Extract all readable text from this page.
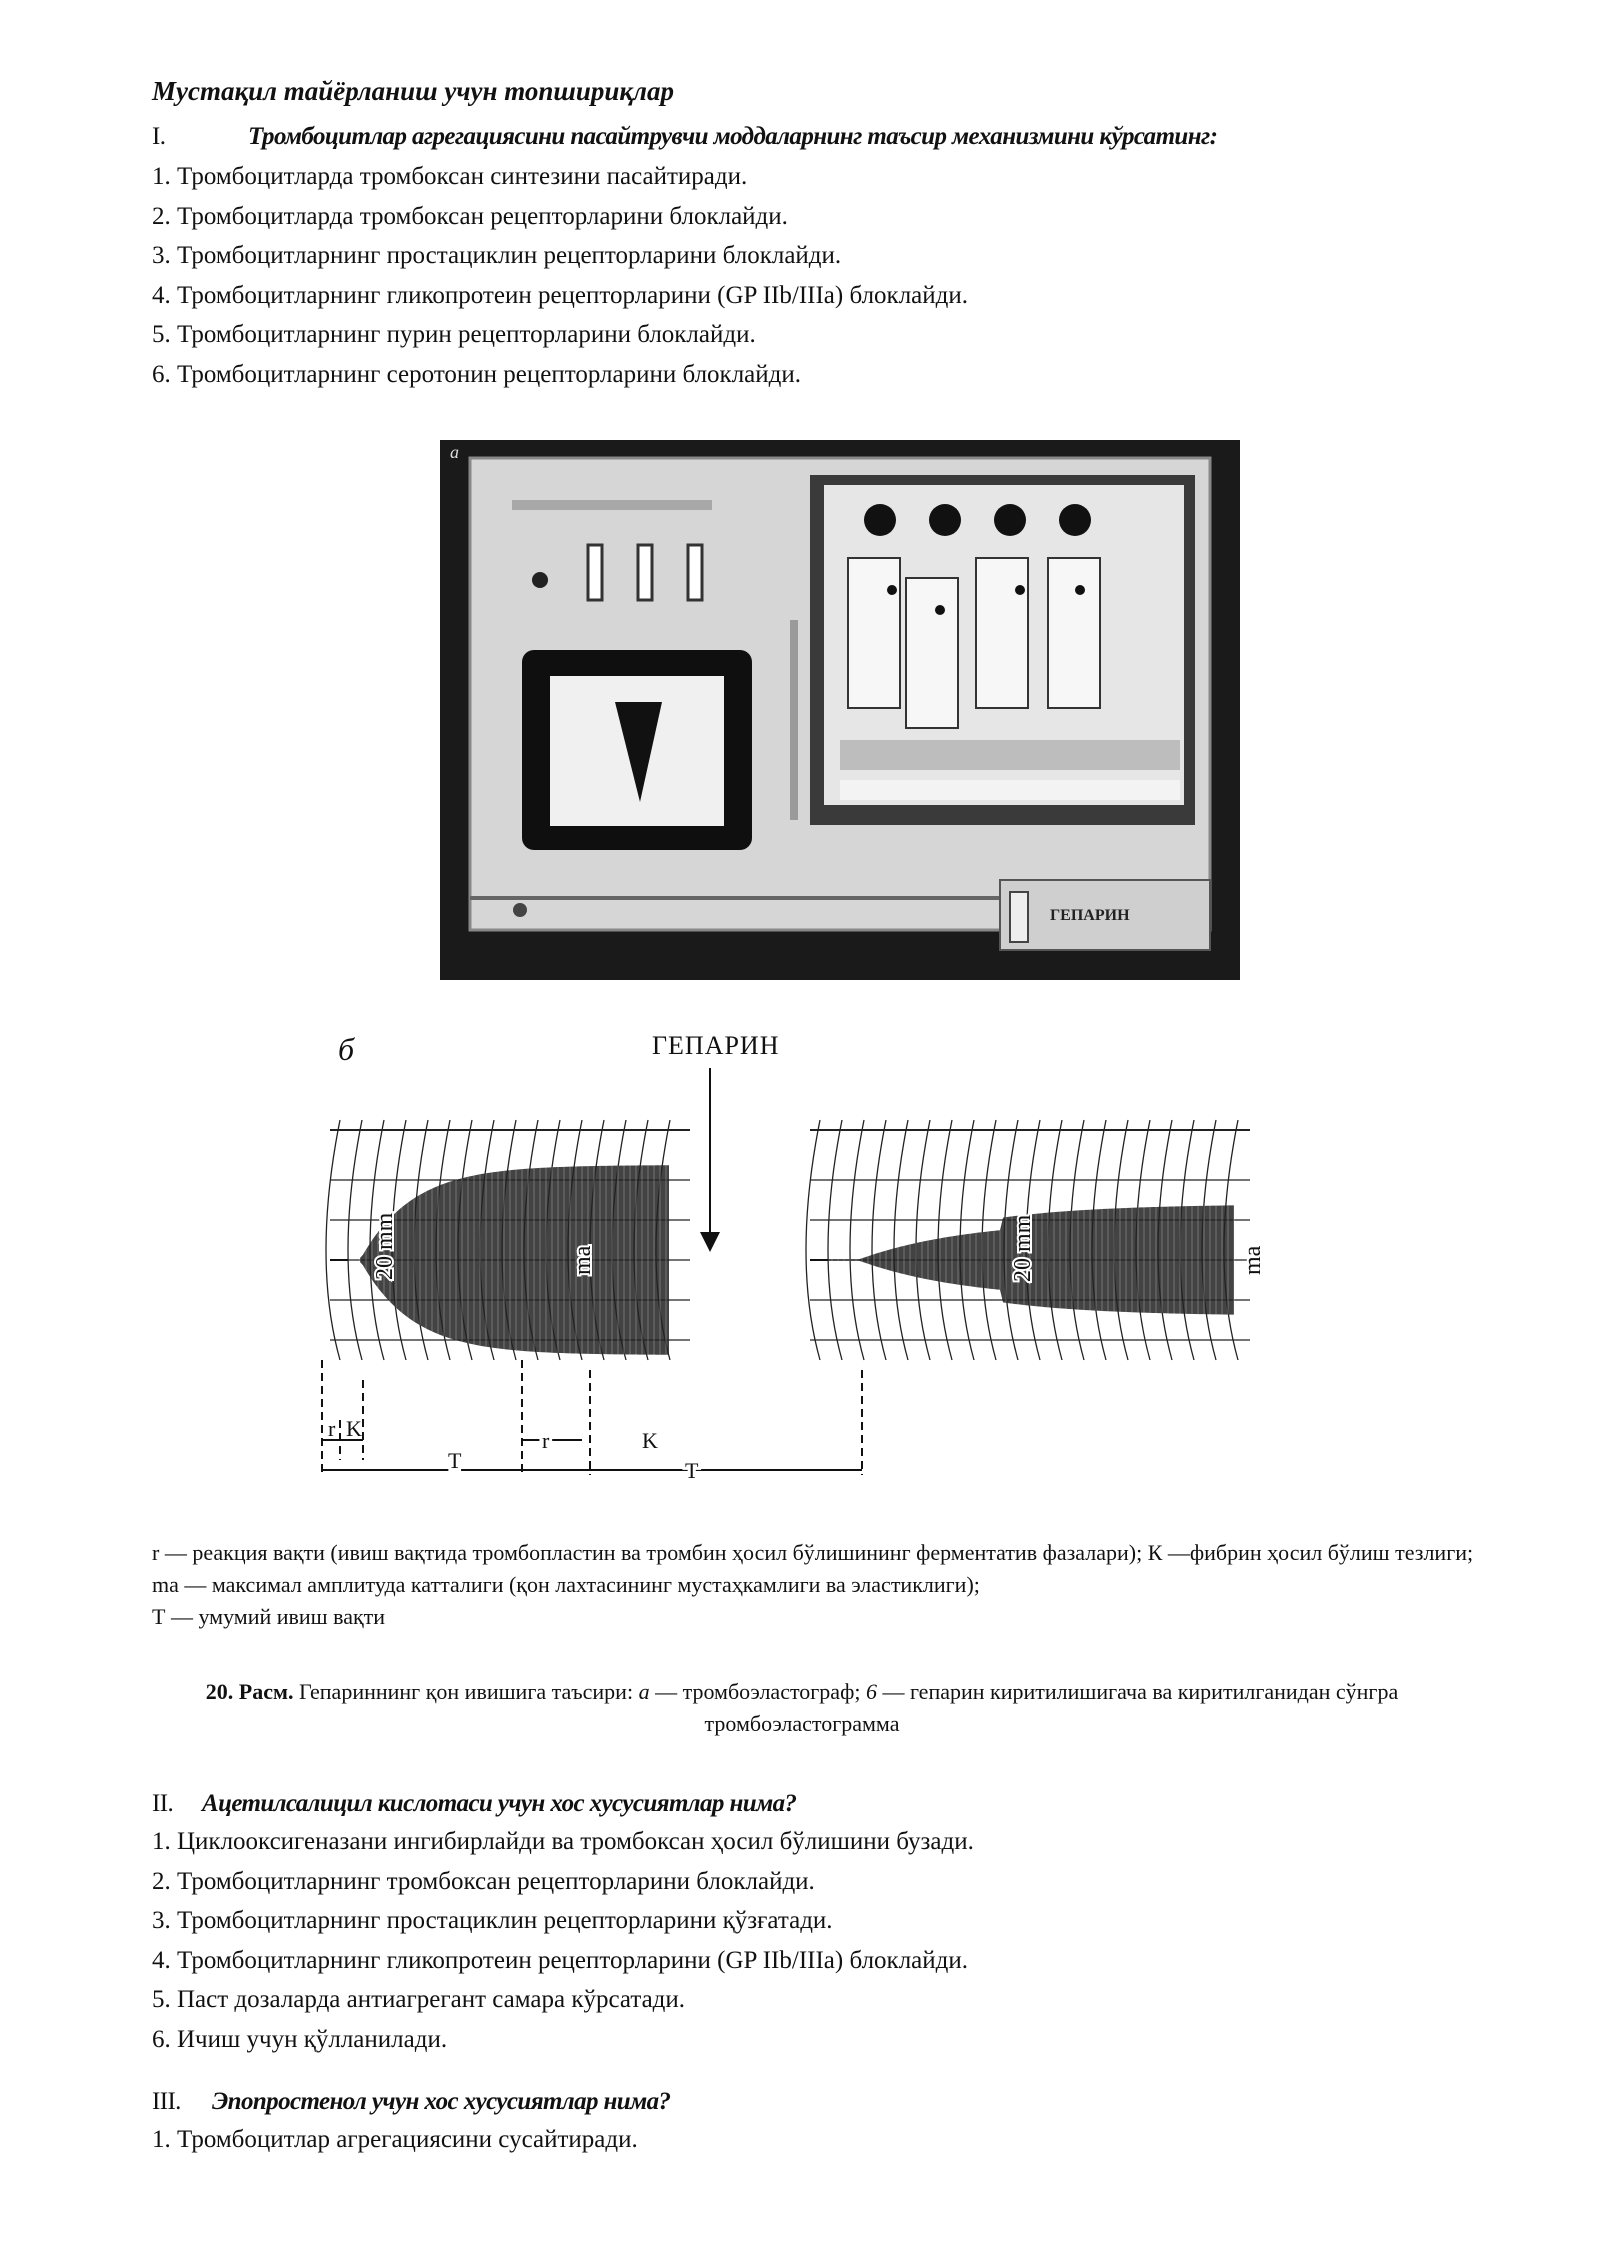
Мустақил тайёрланиш учун топшириқлар
I.	Тромбоцитлар агрегациясини пасайтрувчи моддаларнинг таъсир механизмини кўрсатинг:
1. Тромбоцитларда тромбоксан синтезини пасайтиради.
2. Тромбоцитларда тромбоксан рецепторларини блоклайди.
3. Тромбоцитларнинг простациклин рецепторларини блоклайди.
4. Тромбоцитларнинг гликопротеин рецепторларини (GP IIb/IIIa) блоклайди.
5. Тромбоцитларнинг пурин рецепторларини блоклайди.
6. Тромбоцитларнинг серотонин рецепторларини блоклайди.
а
ГЕПАРИН
б	ГЕПАРИН
20 mm	ma	20 mm	ma
r K
T
r	K
T

r — реакция вақти (ивиш вақтида тромбопластин ва тромбин ҳосил бўлишининг ферментатив фазалари); К —фибрин ҳосил бўлиш тезлиги;

ma — максимал амплитуда катталиги (қон лахтасининг мустаҳкамлиги ва эластиклиги);

Т — умумий ивиш вақти

20. Расм. Гепариннинг қон ивишига таъсири: а — тромбоэластограф; 6 — гепарин киритилишигача ва киритилганидан сўнгра тромбоэластограмма
II. Ацетилсалицил кислотаси учун хос хусусиятлар нима?
1. Циклооксигеназани ингибирлайди ва тромбоксан ҳосил бўлишини бузади.
2. Тромбоцитларнинг тромбоксан рецепторларини блоклайди.
3. Тромбоцитларнинг простациклин рецепторларини қўзғатади.
4. Тромбоцитларнинг гликопротеин рецепторларини (GP IIb/IIIa) блоклайди.
5. Паст дозаларда антиагрегант самара кўрсатади.
6. Ичиш учун қўлланилади.
III. Эпопростенол учун хос хусусиятлар нима?
1. Тромбоцитлар агрегациясини сусайтиради.
